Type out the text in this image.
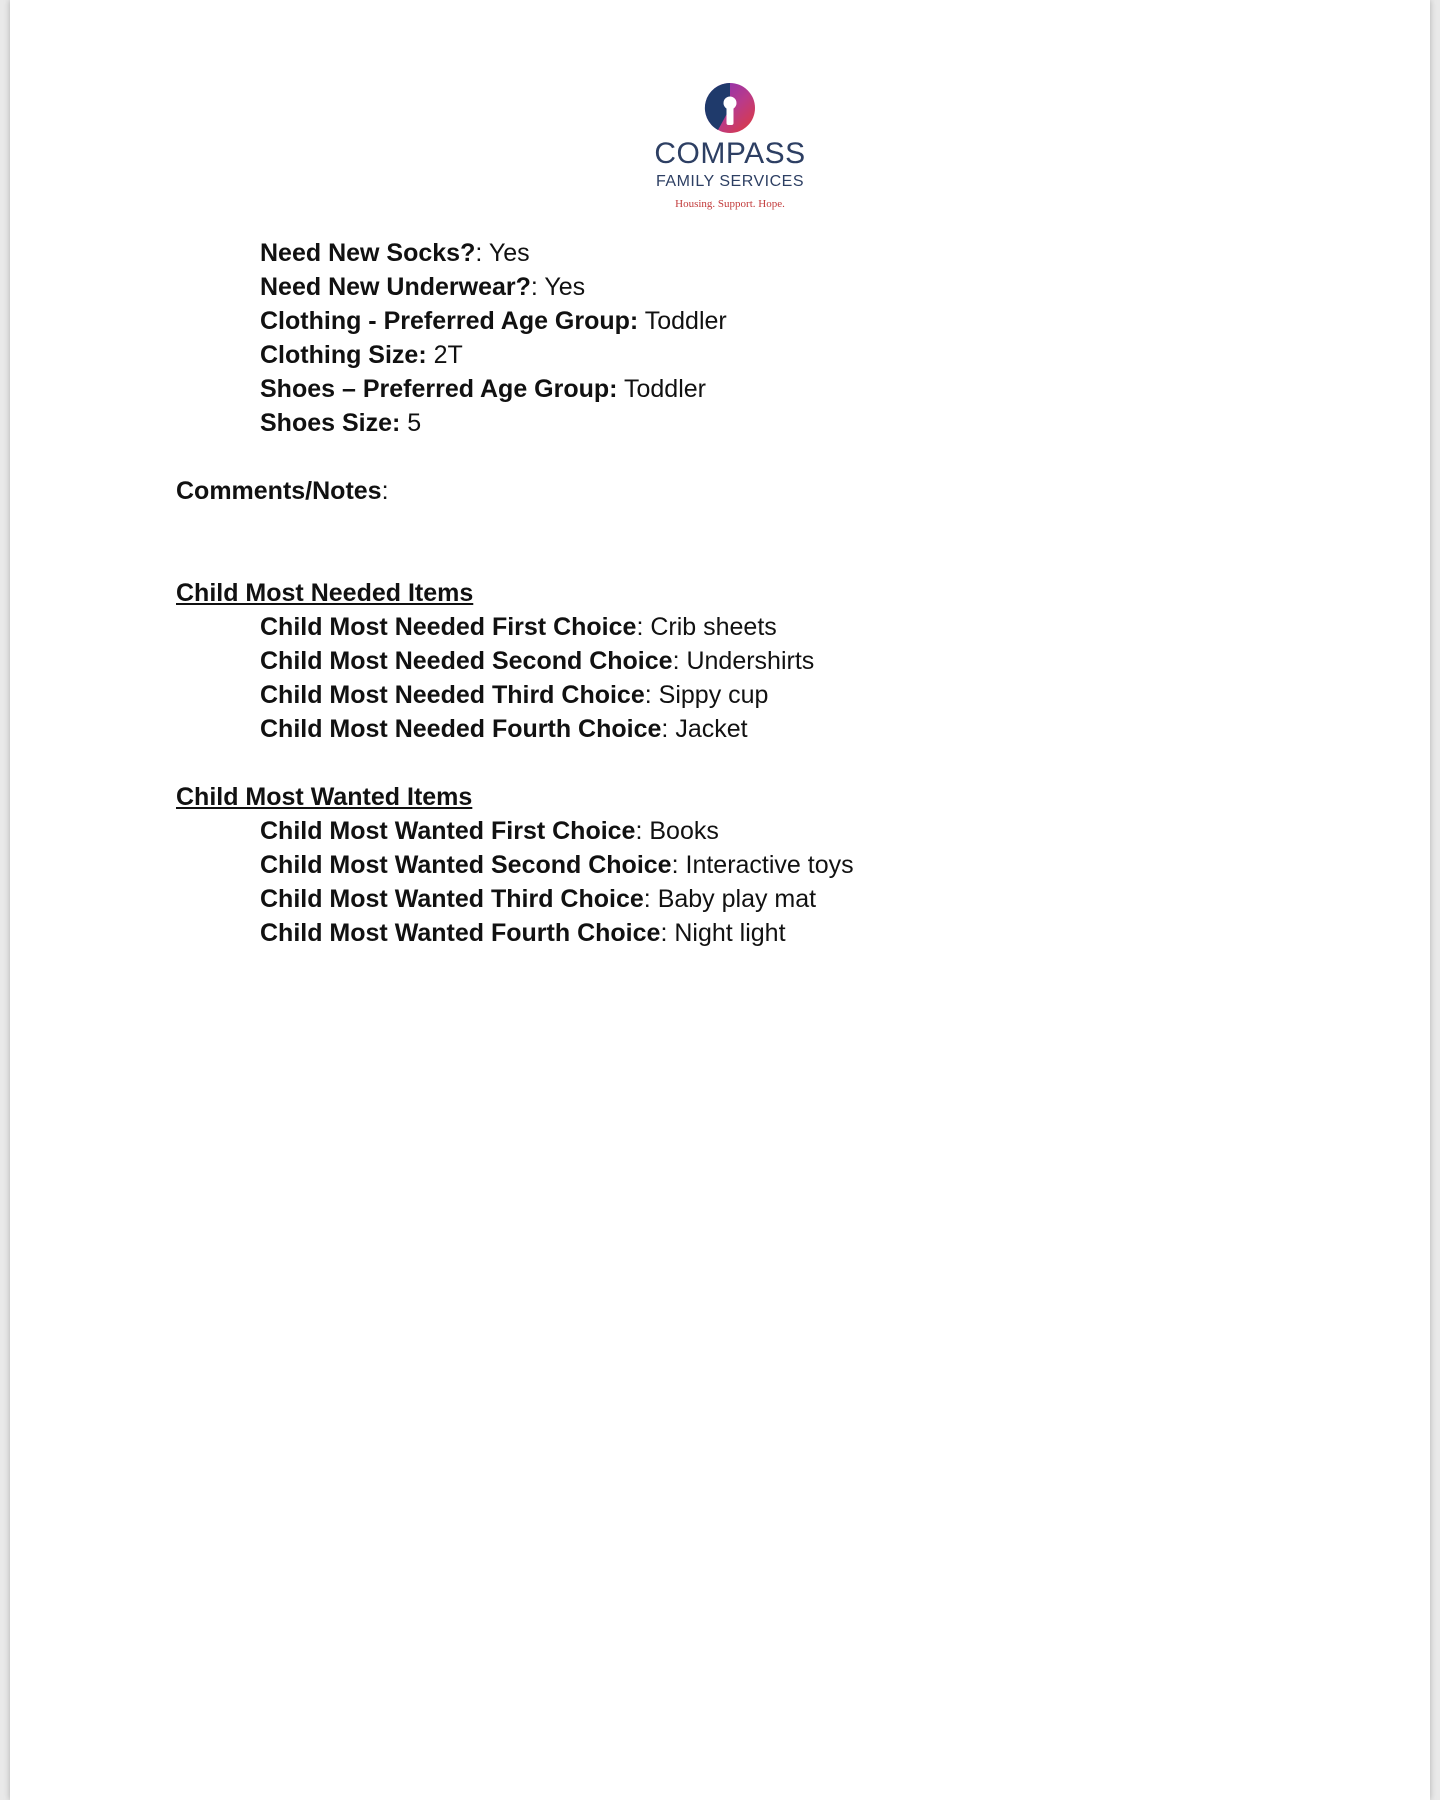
COMPASS
FAMILY SERVICES
Housing. Support. Hope.
Need New Socks?: Yes
Need New Underwear?: Yes
Clothing - Preferred Age Group: Toddler
Clothing Size: 2T
Shoes – Preferred Age Group: Toddler
Shoes Size: 5
Comments/Notes:
Child Most Needed Items
Child Most Needed First Choice: Crib sheets
Child Most Needed Second Choice: Undershirts
Child Most Needed Third Choice: Sippy cup
Child Most Needed Fourth Choice: Jacket
Child Most Wanted Items
Child Most Wanted First Choice: Books
Child Most Wanted Second Choice: Interactive toys
Child Most Wanted Third Choice: Baby play mat
Child Most Wanted Fourth Choice: Night light
